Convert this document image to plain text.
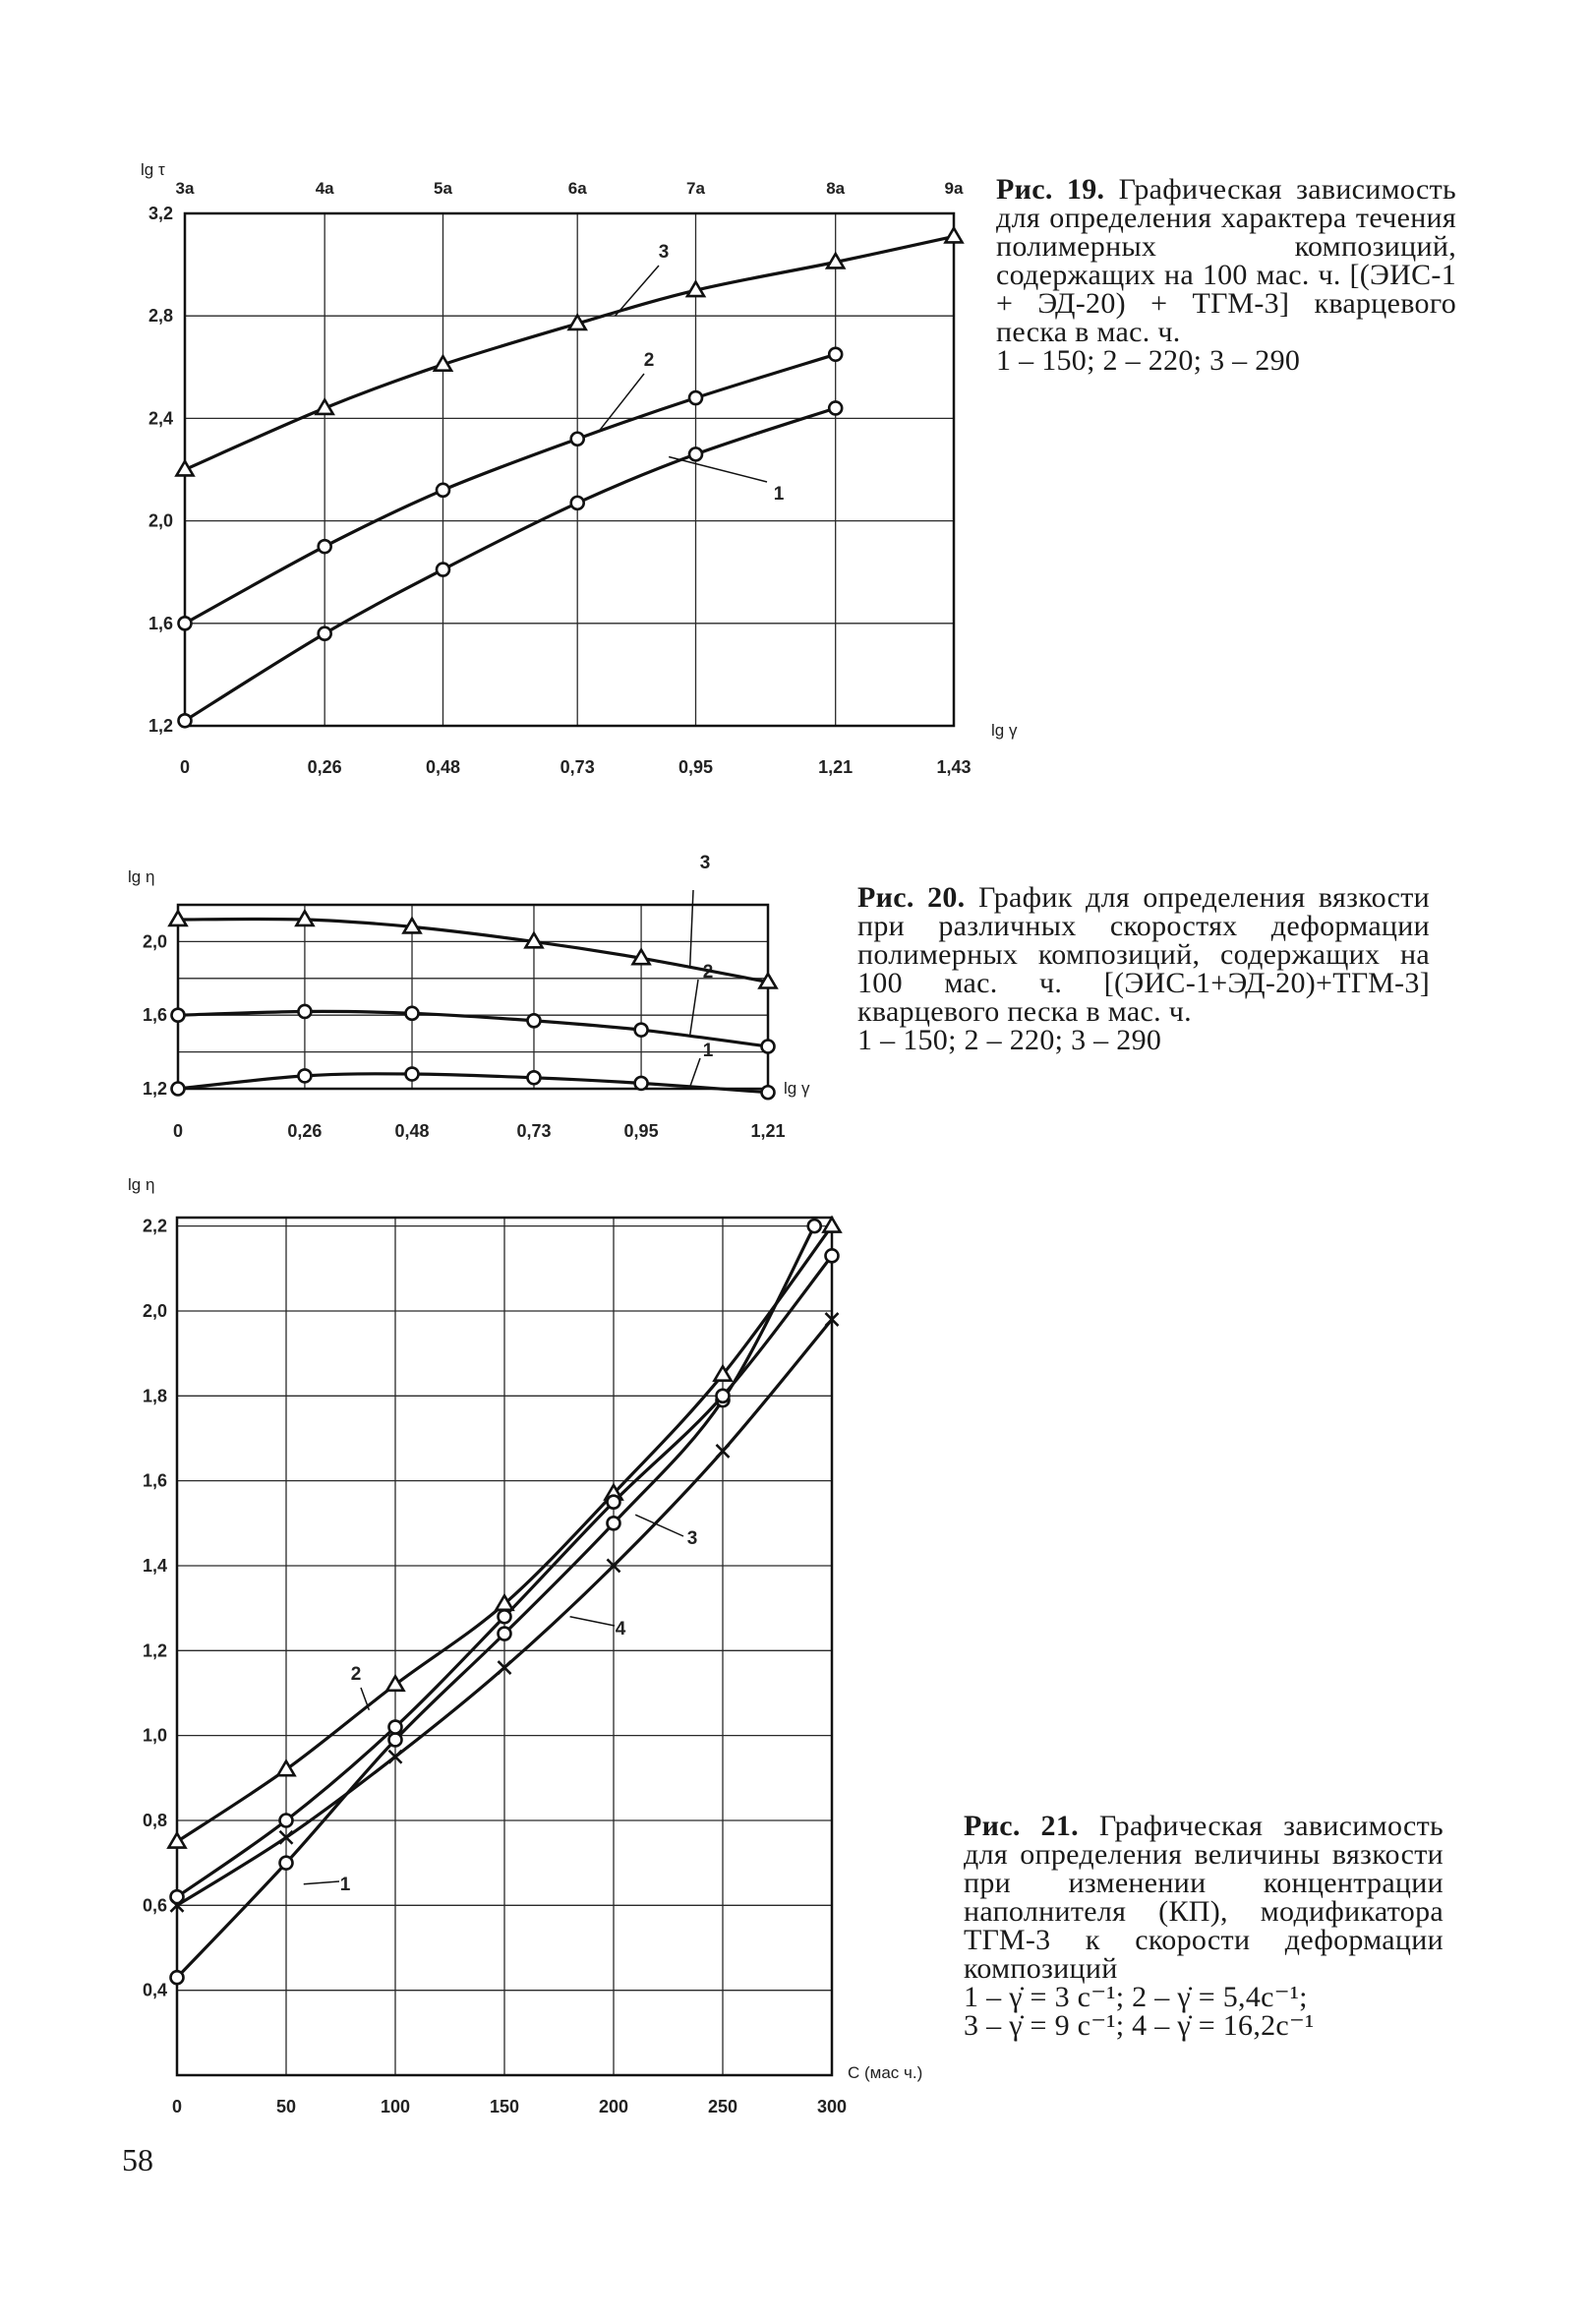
lg τ
lg γ
0	0,26	0,48	0,73	0,95	1,21	1,43
1,2
1,6
2,0
2,4
2,8
3,2
3a	4a	5a	6a	7a	8a	9a
1
2
3
lg η
lg γ
0	0,26	0,48	0,73	0,95	1,21
1,2
1,6
2,0
1
2
3
lg η
C (мас ч.)
0	50	100	150	200	250	300
0,4
0,6
0,8
1,0
1,2
1,4
1,6
1,8
2,0
2,2
1
2
3
4
Рис. 19. Графическая зависимость для определения характера течения полимерных композиций, содержащих на 100 мас. ч. [(ЭИС-1 + ЭД-20) + ТГМ-3] кварцевого песка в мас. ч.
1 – 150; 2 – 220; 3 – 290
Рис. 20. График для определения вязкости при различных скоростях деформации полимерных композиций, содержащих на 100 мас. ч. [(ЭИС-1+ЭД-20)+ТГМ-3] кварцевого песка в мас. ч.
1 – 150; 2 – 220; 3 – 290
Рис. 21. Графическая зависимость для определения величины вязкости при изменении концентрации наполнителя (КП), модификатора ТГМ-3 к скорости деформации композиций
1 – γ̇ = 3 с⁻¹; 2 – γ̇ = 5,4с⁻¹;
3 – γ̇ = 9 с⁻¹; 4 – γ̇ = 16,2с⁻¹
58
